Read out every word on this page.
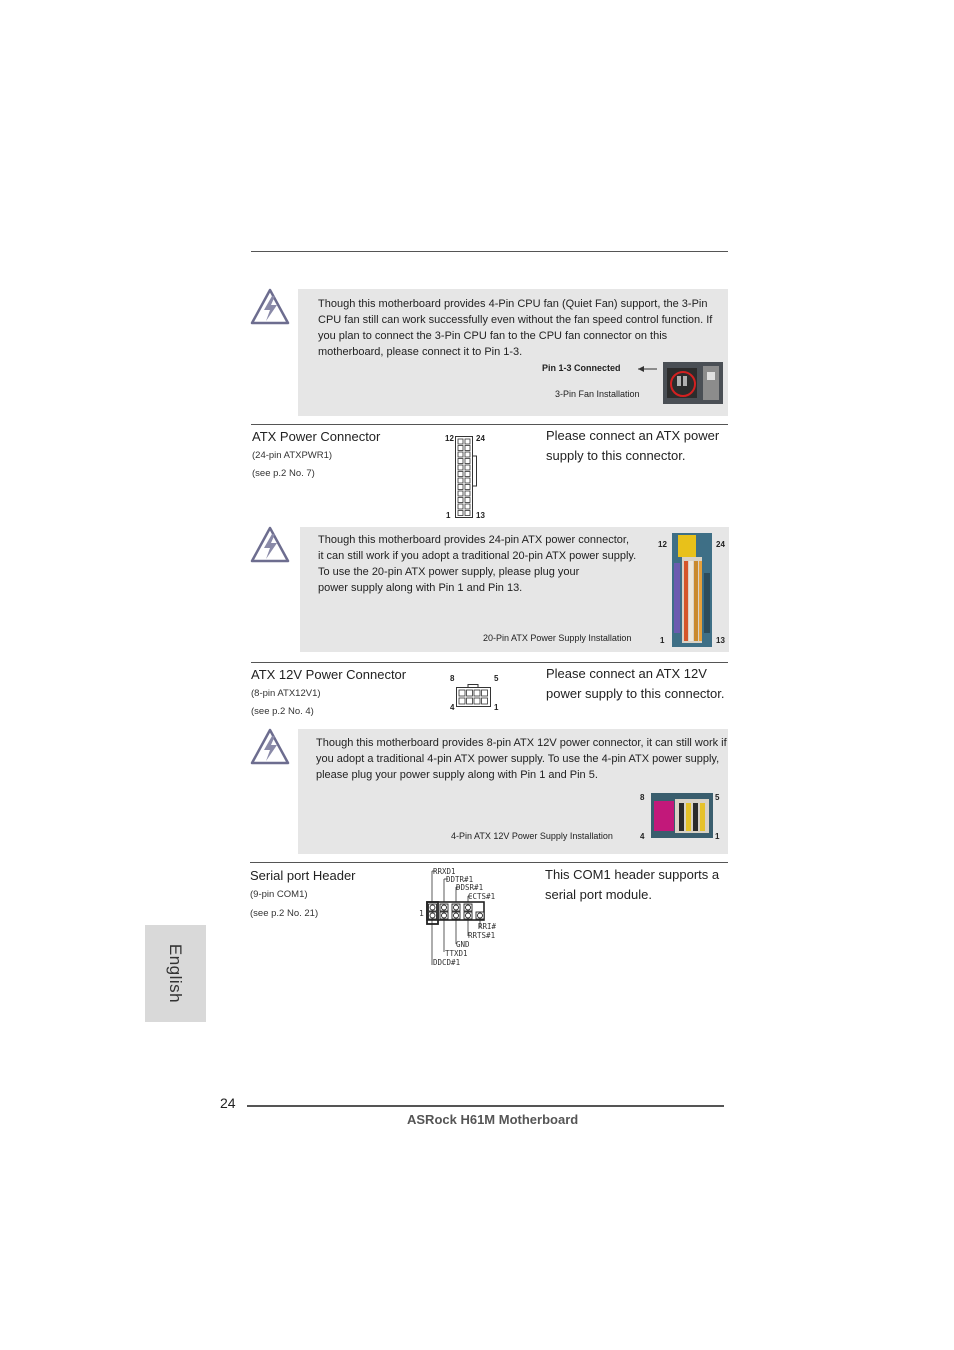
Though this motherboard provides 4-Pin CPU fan (Quiet Fan) support, the 3-Pin CPU fan still can work successfully even without the fan speed control function. If you plan to connect the 3-Pin CPU fan to the CPU fan connector on this motherboard, please connect it to Pin 1-3.
Pin 1-3 Connected
3-Pin Fan Installation
ATX Power Connector
(24-pin ATXPWR1)
(see p.2 No. 7)
12	24
1	13
Please connect an ATX power supply to this connector.
Though this motherboard provides 24-pin ATX power connector,
it can still work if you adopt a traditional 20-pin ATX power supply.
To use the 20-pin ATX power supply, please plug your
power supply along with Pin 1 and Pin 13.
20-Pin ATX Power Supply Installation
12	24
1	13
ATX 12V Power Connector
(8-pin ATX12V1)
(see p.2 No. 4)
8	5
4	1
Please connect an ATX 12V power supply to this connector.
Though this motherboard provides 8-pin ATX 12V power connector, it can still work if you adopt a traditional 4-pin ATX power supply. To use the 4-pin ATX power supply, please plug your power supply along with Pin 1 and Pin 5.
4-Pin ATX 12V Power Supply Installation
8	5
4	1
Serial port Header
(9-pin COM1)
(see p.2 No. 21)
This COM1 header supports a serial port module.
1
RRXD1
DDTR#1
DDSR#1
CCTS#1
RRI#
RRTS#1
GND
TTXD1
DDCD#1
English
24
ASRock H61M Motherboard
